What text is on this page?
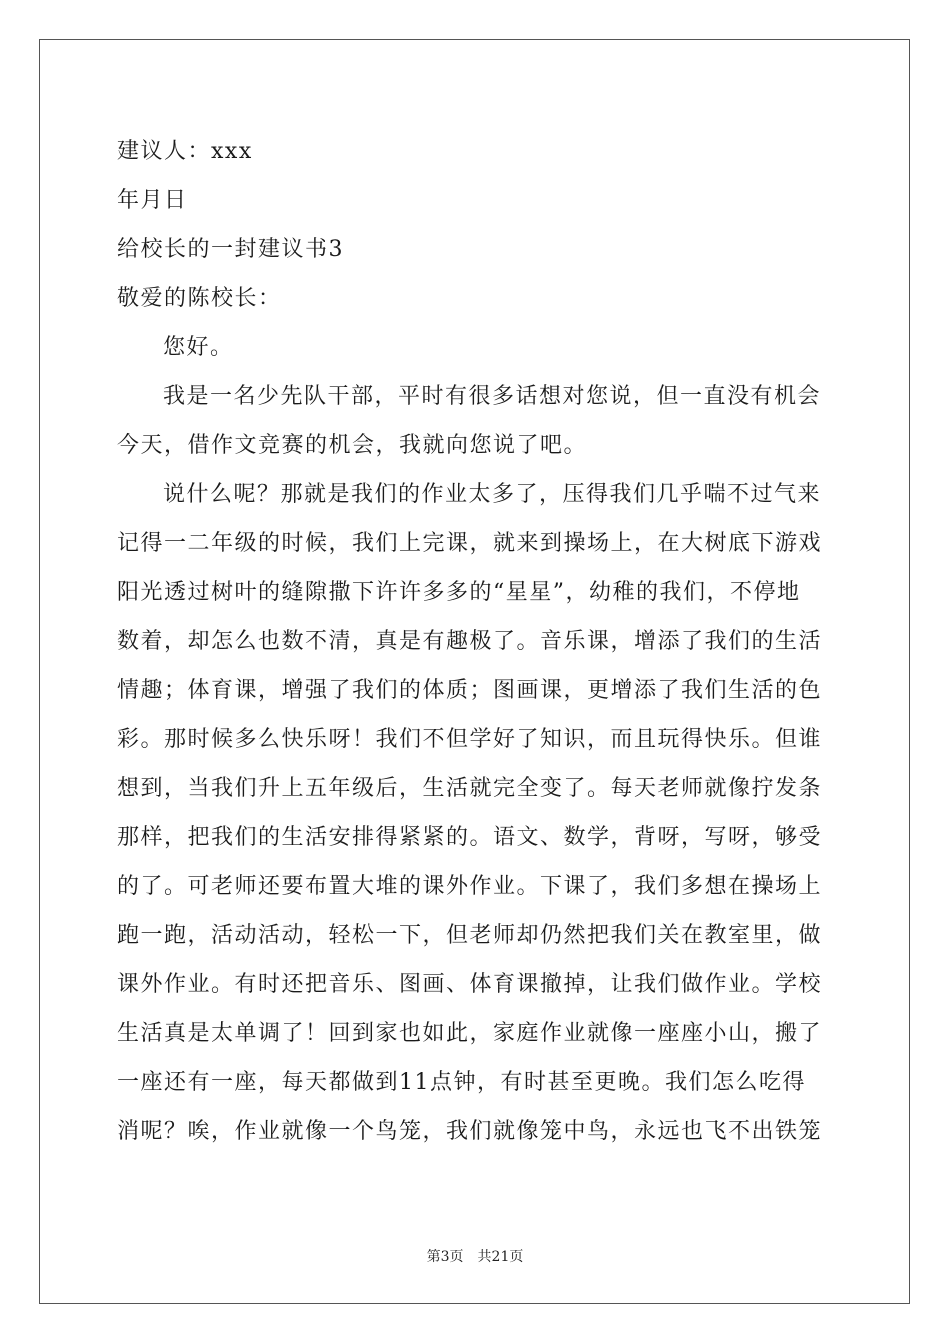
建议人：xxx
年月日
给校长的一封建议书3
敬爱的陈校长：
您好。
我是一名少先队干部，平时有很多话想对您说，但一直没有机会
今天，借作文竞赛的机会，我就向您说了吧。
说什么呢？那就是我们的作业太多了，压得我们几乎喘不过气来
记得一二年级的时候，我们上完课，就来到操场上，在大树底下游戏
阳光透过树叶的缝隙撒下许许多多的“星星”，幼稚的我们，不停地
数着，却怎么也数不清，真是有趣极了。音乐课，增添了我们的生活
情趣；体育课，增强了我们的体质；图画课，更增添了我们生活的色
彩。那时候多么快乐呀！我们不但学好了知识，而且玩得快乐。但谁
想到，当我们升上五年级后，生活就完全变了。每天老师就像拧发条
那样，把我们的生活安排得紧紧的。语文、数学，背呀，写呀，够受
的了。可老师还要布置大堆的课外作业。下课了，我们多想在操场上
跑一跑，活动活动，轻松一下，但老师却仍然把我们关在教室里，做
课外作业。有时还把音乐、图画、体育课撤掉，让我们做作业。学校
生活真是太单调了！回到家也如此，家庭作业就像一座座小山，搬了
一座还有一座，每天都做到11点钟，有时甚至更晚。我们怎么吃得
消呢？唉，作业就像一个鸟笼，我们就像笼中鸟，永远也飞不出铁笼
第3页 共21页
